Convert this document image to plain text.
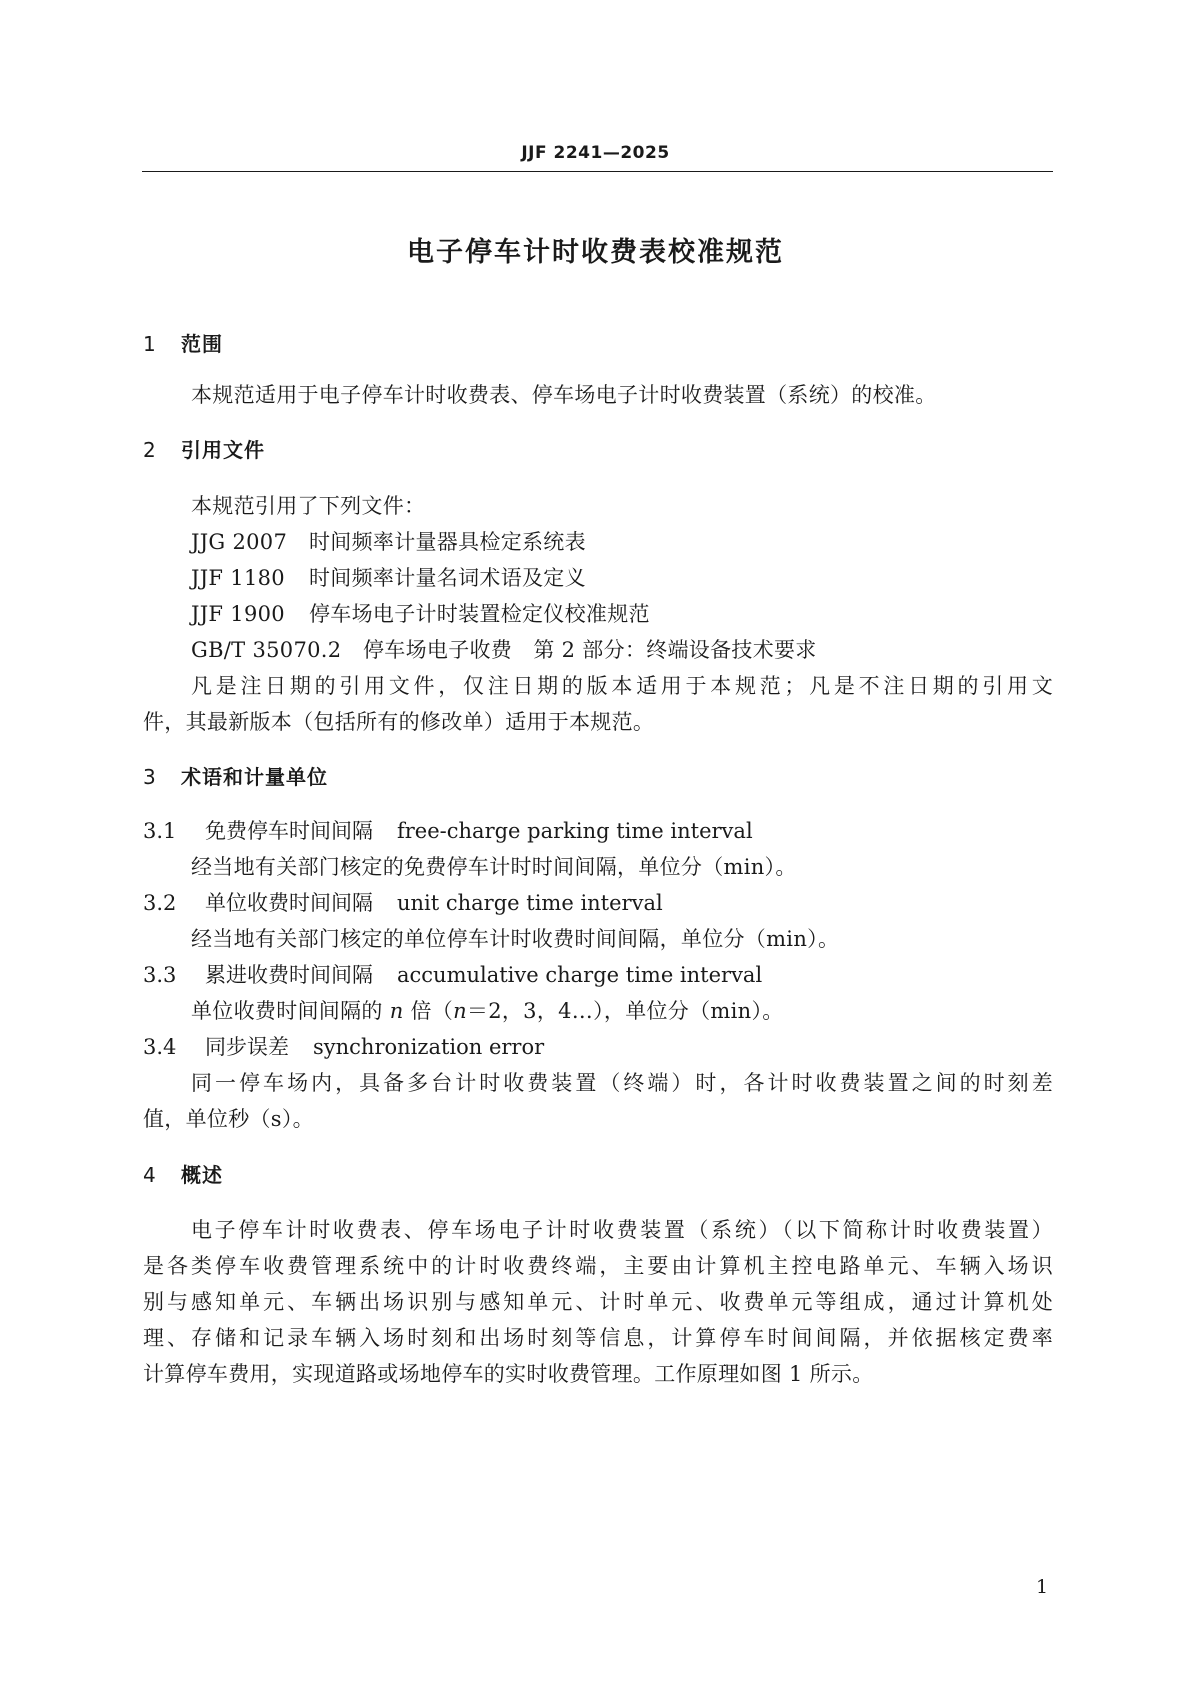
JJF 2241—2025
电子停车计时收费表校准规范
1 范围
本规范适用于电子停车计时收费表、停车场电子计时收费装置（系统）的校准。
2 引用文件
本规范引用了下列文件：
JJG 2007 时间频率计量器具检定系统表
JJF 1180 时间频率计量名词术语及定义
JJF 1900 停车场电子计时装置检定仪校准规范
GB/T 35070.2 停车场电子收费　第 2 部分：终端设备技术要求
凡是注日期的引用文件，仅注日期的版本适用于本规范；凡是不注日期的引用文
件，其最新版本（包括所有的修改单）适用于本规范。
3 术语和计量单位
3.1 免费停车时间间隔 free-charge parking time interval
经当地有关部门核定的免费停车计时时间间隔，单位分（min）。
3.2 单位收费时间间隔 unit charge time interval
经当地有关部门核定的单位停车计时收费时间间隔，单位分（min）。
3.3 累进收费时间间隔 accumulative charge time interval
单位收费时间间隔的 n 倍（n＝2，3，4…），单位分（min）。
3.4 同步误差 synchronization error
同一停车场内，具备多台计时收费装置（终端）时，各计时收费装置之间的时刻差
值，单位秒（s）。
4 概述
电子停车计时收费表、停车场电子计时收费装置（系统）（以下简称计时收费装置）
是各类停车收费管理系统中的计时收费终端，主要由计算机主控电路单元、车辆入场识
别与感知单元、车辆出场识别与感知单元、计时单元、收费单元等组成，通过计算机处
理、存储和记录车辆入场时刻和出场时刻等信息，计算停车时间间隔，并依据核定费率
计算停车费用，实现道路或场地停车的实时收费管理。工作原理如图 1 所示。
1
